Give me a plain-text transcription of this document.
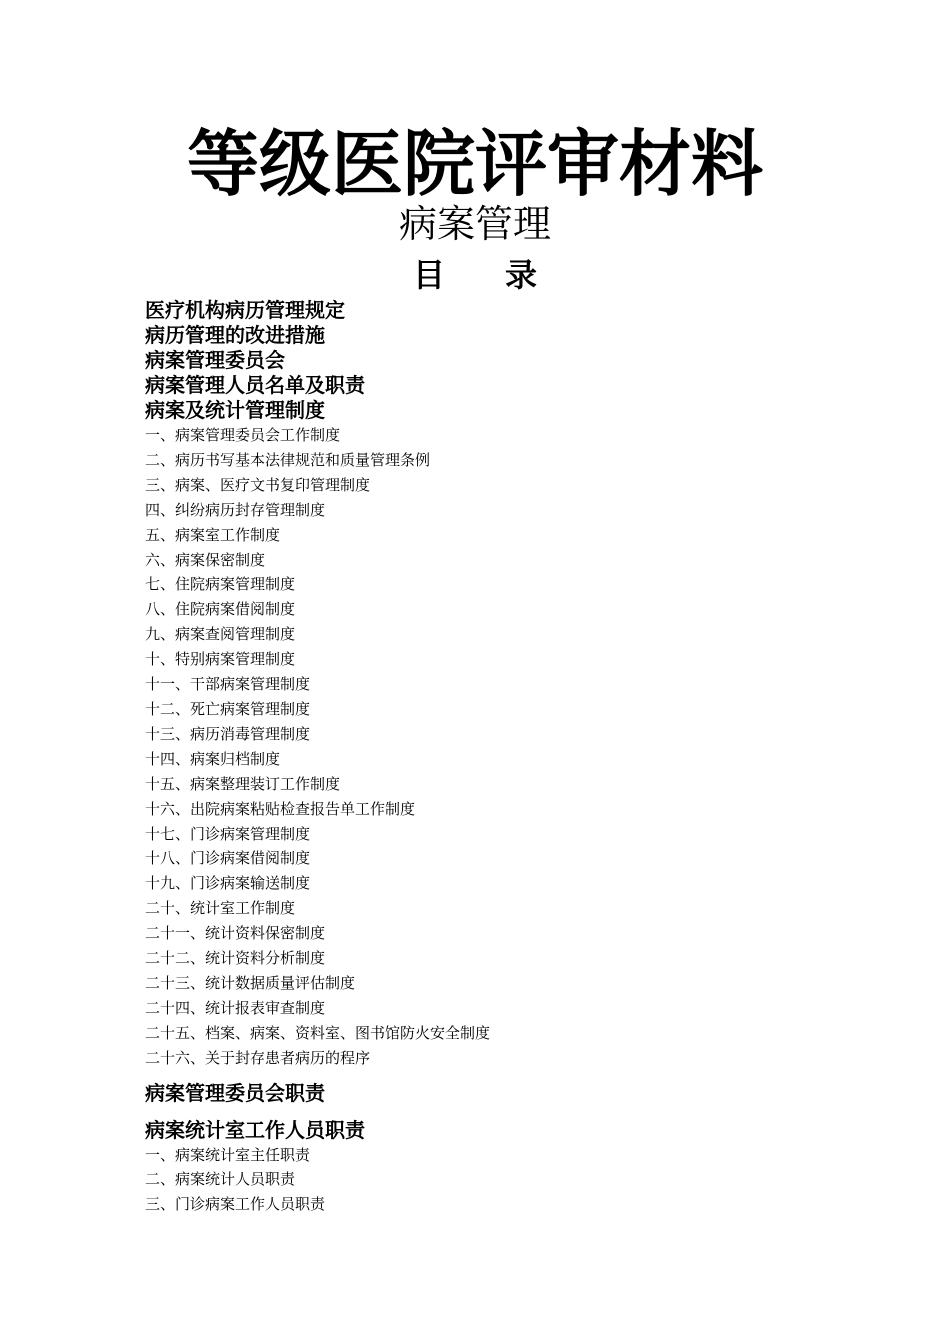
等级医院评审材料
病案管理
目录

医疗机构病历管理规定

病历管理的改进措施

病案管理委员会

病案管理人员名单及职责

病案及统计管理制度

一、病案管理委员会工作制度

二、病历书写基本法律规范和质量管理条例

三、病案、医疗文书复印管理制度

四、纠纷病历封存管理制度

五、病案室工作制度

六、病案保密制度

七、住院病案管理制度

八、住院病案借阅制度

九、病案查阅管理制度

十、特别病案管理制度

十一、干部病案管理制度

十二、死亡病案管理制度

十三、病历消毒管理制度

十四、病案归档制度

十五、病案整理装订工作制度

十六、出院病案粘贴检查报告单工作制度

十七、门诊病案管理制度

十八、门诊病案借阅制度

十九、门诊病案输送制度

二十、统计室工作制度

二十一、统计资料保密制度

二十二、统计资料分析制度

二十三、统计数据质量评估制度

二十四、统计报表审查制度

二十五、档案、病案、资料室、图书馆防火安全制度

二十六、关于封存患者病历的程序

病案管理委员会职责

病案统计室工作人员职责

一、病案统计室主任职责

二、病案统计人员职责

三、门诊病案工作人员职责
